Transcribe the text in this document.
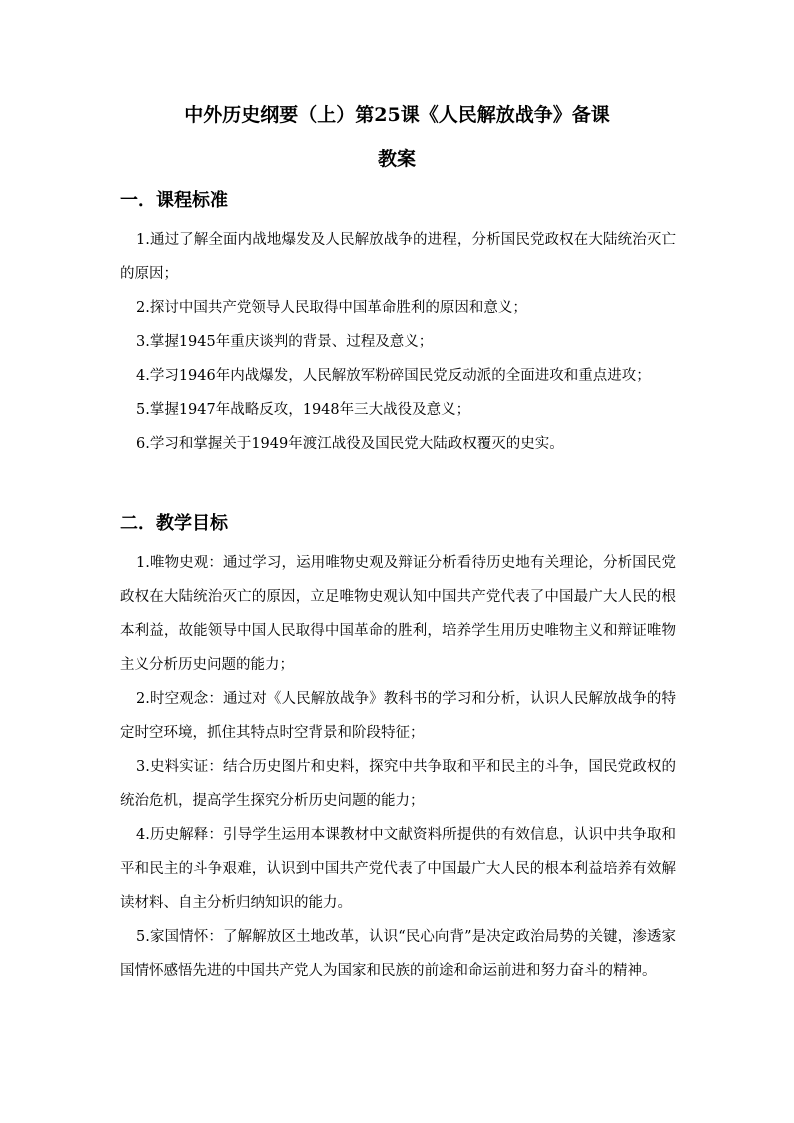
中外历史纲要（上）第25课《人民解放战争》备课
教案
一．课程标准
1.通过了解全面内战地爆发及人民解放战争的进程，分析国民党政权在大陆统治灭亡的原因；
2.探讨中国共产党领导人民取得中国革命胜利的原因和意义；
3.掌握1945年重庆谈判的背景、过程及意义；
4.学习1946年内战爆发，人民解放军粉碎国民党反动派的全面进攻和重点进攻；
5.掌握1947年战略反攻，1948年三大战役及意义；
6.学习和掌握关于1949年渡江战役及国民党大陆政权覆灭的史实。
二．教学目标
1.唯物史观：通过学习，运用唯物史观及辩证分析看待历史地有关理论，分析国民党政权在大陆统治灭亡的原因，立足唯物史观认知中国共产党代表了中国最广大人民的根本利益，故能领导中国人民取得中国革命的胜利，培养学生用历史唯物主义和辩证唯物主义分析历史问题的能力；
2.时空观念：通过对《人民解放战争》教科书的学习和分析，认识人民解放战争的特定时空环境，抓住其特点时空背景和阶段特征；
3.史料实证：结合历史图片和史料，探究中共争取和平和民主的斗争，国民党政权的统治危机，提高学生探究分析历史问题的能力；
4.历史解释：引导学生运用本课教材中文献资料所提供的有效信息，认识中共争取和平和民主的斗争艰难，认识到中国共产党代表了中国最广大人民的根本利益培养有效解读材料、自主分析归纳知识的能力。
5.家国情怀：了解解放区土地改革，认识“民心向背”是决定政治局势的关键，渗透家国情怀感悟先进的中国共产党人为国家和民族的前途和命运前进和努力奋斗的精神。
